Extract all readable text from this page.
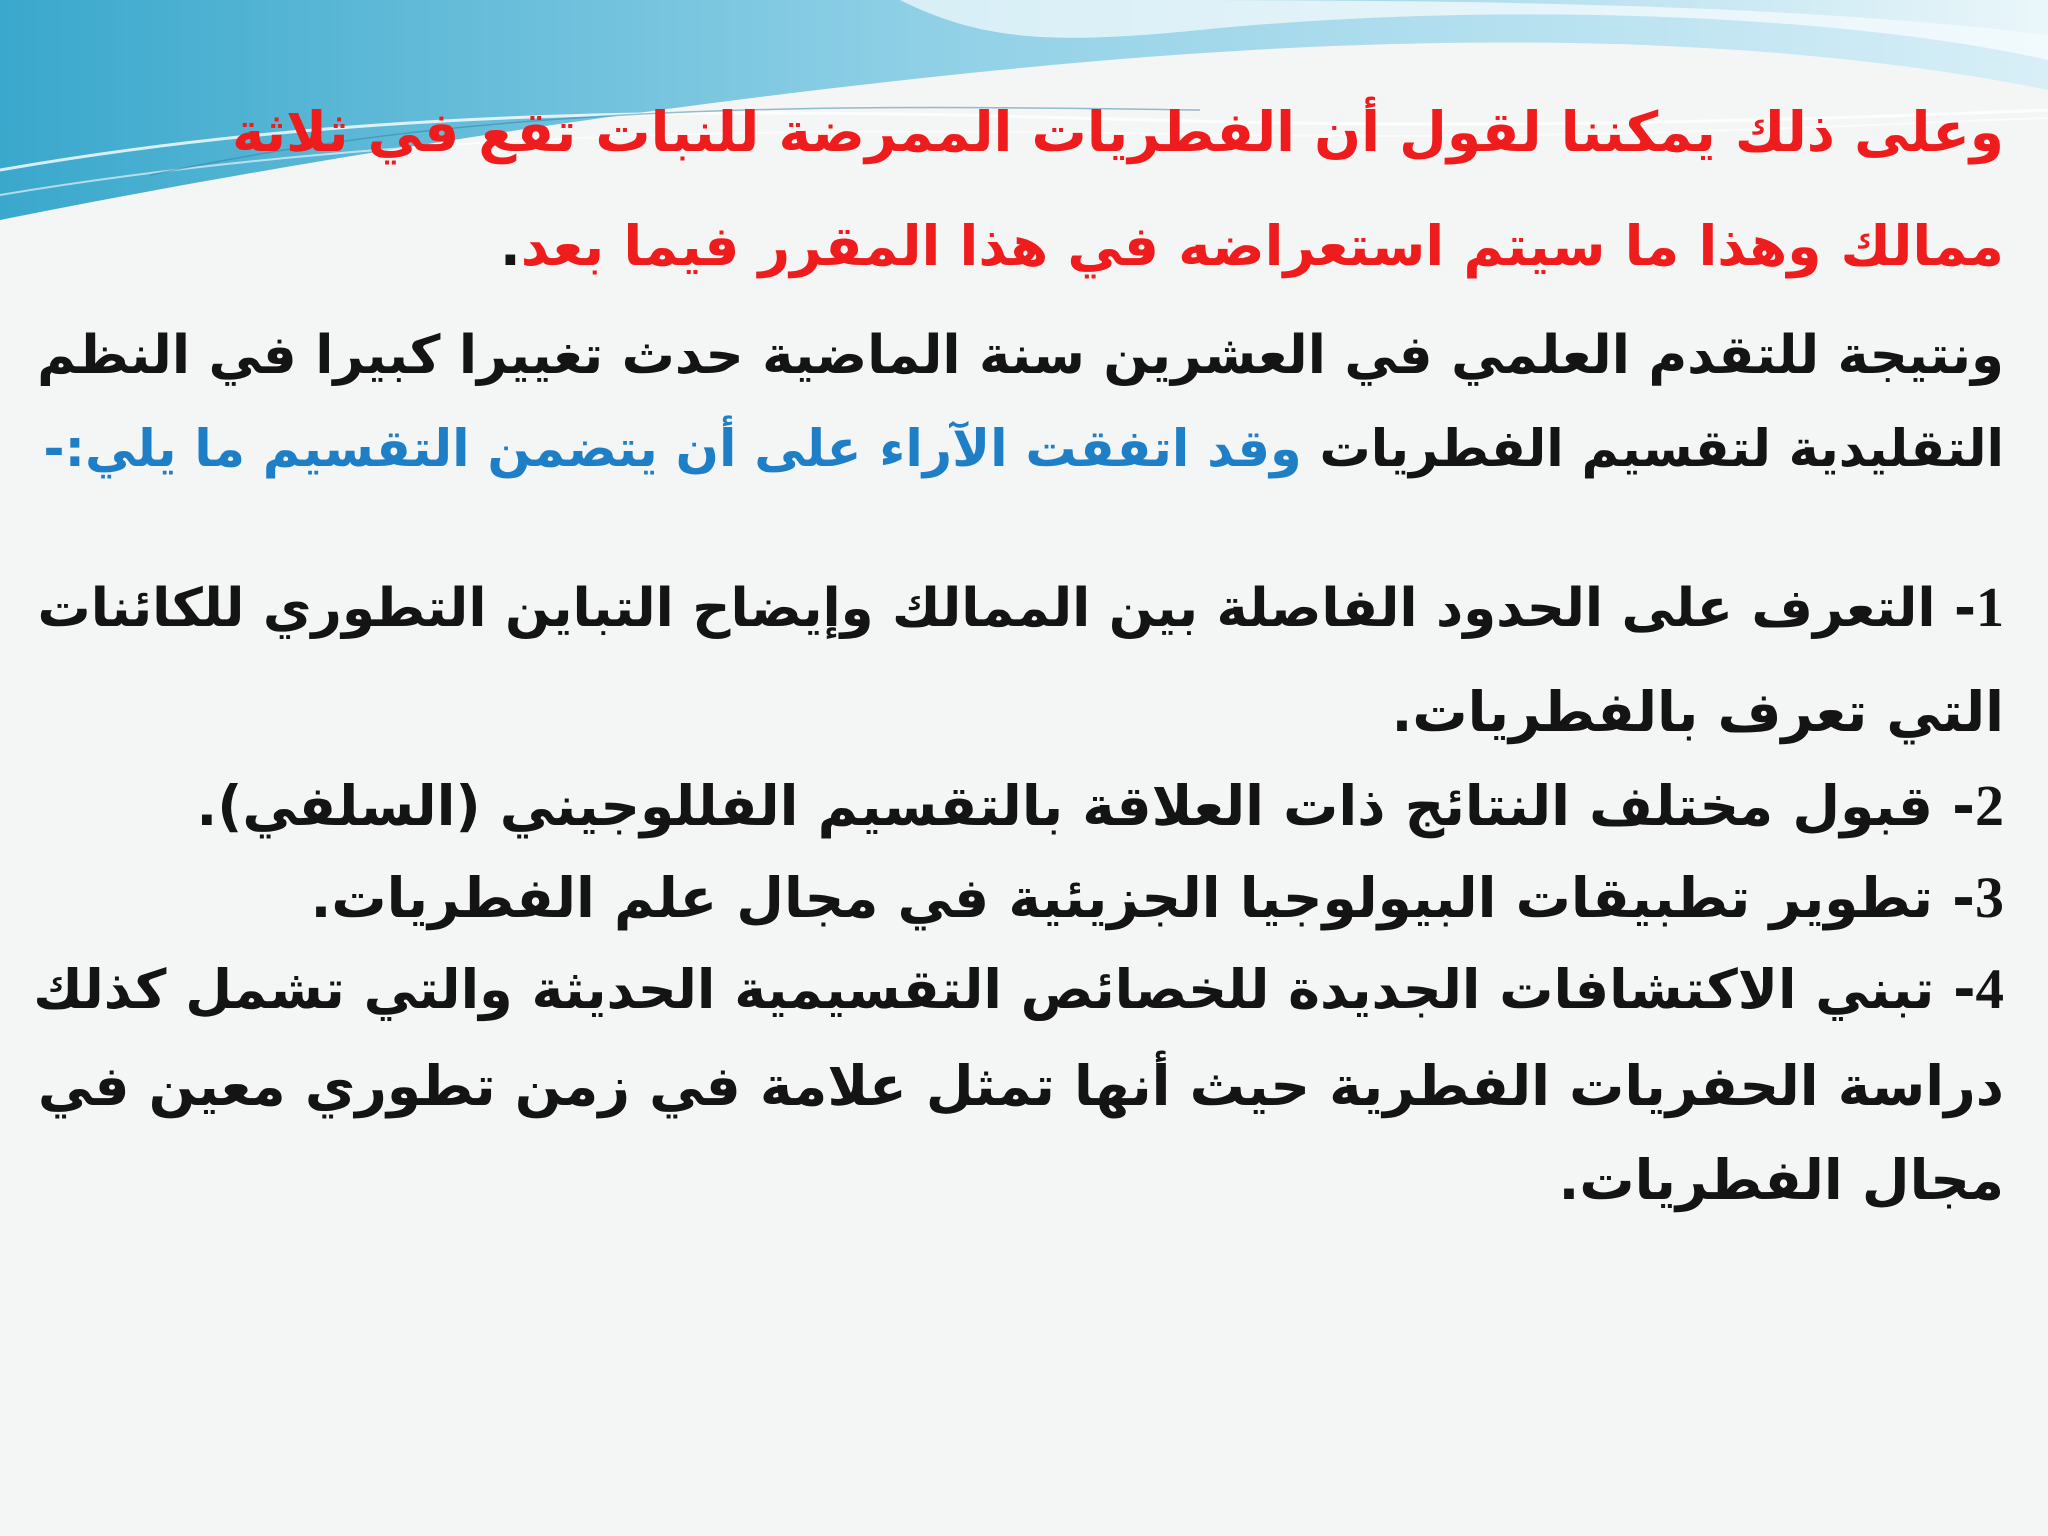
وعلى ذلك يمكننا لقول أن الفطريات الممرضة للنبات تقع في ثلاثة
ممالك وهذا ما سيتم استعراضه في هذا المقرر فيما بعد.
ونتيجة للتقدم العلمي في العشرين سنة الماضية حدث تغييرا كبيرا في النظم
التقليدية لتقسيم الفطريات وقد اتفقت الآراء على أن يتضمن التقسيم ما يلي:-
1- التعرف على الحدود الفاصلة بين الممالك وإيضاح التباين التطوري للكائنات
التي تعرف بالفطريات.
2- قبول مختلف النتائج ذات العلاقة بالتقسيم الفللوجيني (السلفي).
3- تطوير تطبيقات البيولوجيا الجزيئية في مجال علم الفطريات.
4- تبني الاكتشافات الجديدة للخصائص التقسيمية الحديثة والتي تشمل كذلك
دراسة الحفريات الفطرية حيث أنها تمثل علامة في زمن تطوري معين في
مجال الفطريات.
